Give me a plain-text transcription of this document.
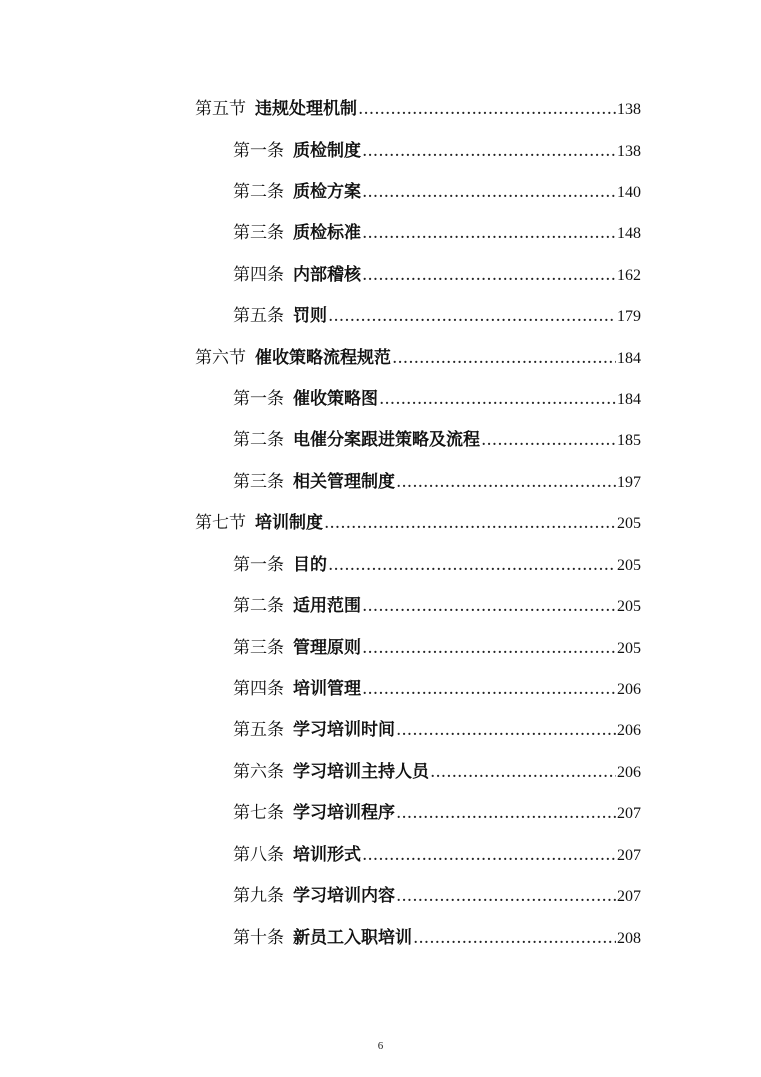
第五节 违规处理机制 .....	138
第一条 质检制度 .....	138
第二条 质检方案 .....	140
第三条 质检标准 .....	148
第四条 内部稽核 .....	162
第五条 罚则 .....	179
第六节 催收策略流程规范 .....	184
第一条 催收策略图 .....	184
第二条 电催分案跟进策略及流程 .....	185
第三条 相关管理制度 .....	197
第七节 培训制度 .....	205
第一条 目的 .....	205
第二条 适用范围 .....	205
第三条 管理原则 .....	205
第四条 培训管理 .....	206
第五条 学习培训时间 .....	206
第六条 学习培训主持人员 .....	206
第七条 学习培训程序 .....	207
第八条 培训形式 .....	207
第九条 学习培训内容 .....	207
第十条 新员工入职培训 .....	208
6
